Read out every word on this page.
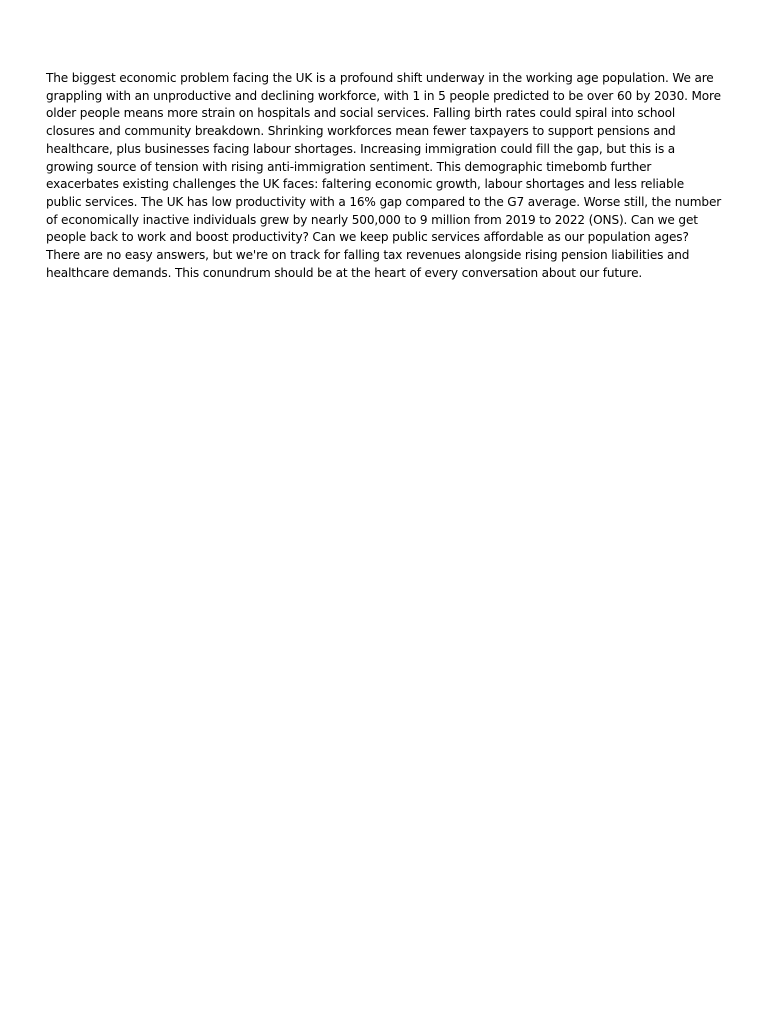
The biggest economic problem facing the UK is a profound shift underway in the working age population. We are grappling with an unproductive and declining workforce, with 1 in 5 people predicted to be over 60 by 2030. More older people means more strain on hospitals and social services. Falling birth rates could spiral into school closures and community breakdown. Shrinking workforces mean fewer taxpayers to support pensions and healthcare, plus businesses facing labour shortages. Increasing immigration could fill the gap, but this is a growing source of tension with rising anti-immigration sentiment. This demographic timebomb further exacerbates existing challenges the UK faces: faltering economic growth, labour shortages and less reliable public services. The UK has low productivity with a 16% gap compared to the G7 average. Worse still, the number of economically inactive individuals grew by nearly 500,000 to 9 million from 2019 to 2022 (ONS). Can we get people back to work and boost productivity? Can we keep public services affordable as our population ages? There are no easy answers, but we're on track for falling tax revenues alongside rising pension liabilities and healthcare demands. This conundrum should be at the heart of every conversation about our future.
